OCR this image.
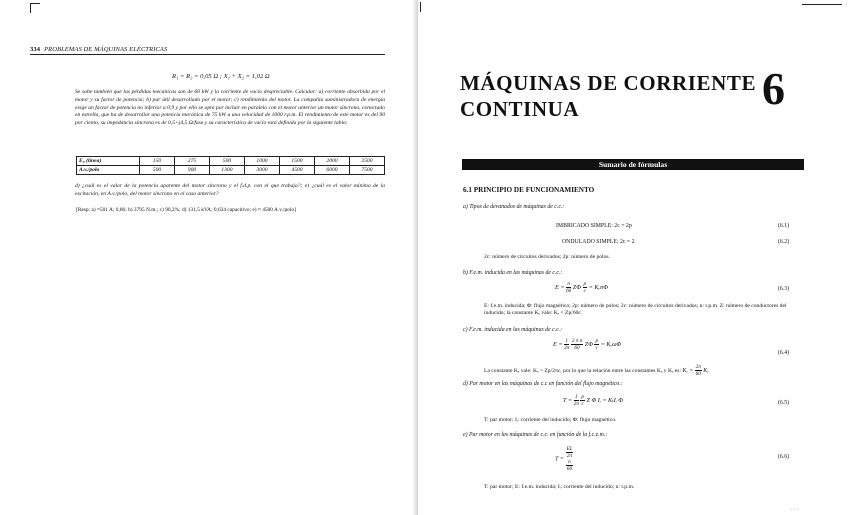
334 PROBLEMAS DE MÁQUINAS ELÉCTRICAS
R₁ = R₂ = 0,05 Ω ; X₁ + X₂ = 1,02 Ω

Se sabe también que las pérdidas mecánicas son de 60 kW y la corriente de vacío despreciable. Calcular: a) corriente absorbida por el motor y su factor de potencia; b) par útil desarrollado por el motor; c) rendimiento del motor. La compañía suministradora de energía exige un factor de potencia no inferior a 0,9 y por ello se opta por incluir en paralelo con el motor anterior un motor síncrono, conectado en estrella, que ha de desarrollar una potencia mecánica de 75 kW a una velocidad de 1000 r.p.m. El rendimiento de este motor es del 90 por ciento, su impedancia síncrona es de 0,5+j4,5 Ω/fase y su característica de vacío está definida por la siguiente tabla:

E₀ (línea)	150	275	500	1000	1500	2000	2500
A.v./polo	500	900	1300	3000	4500	6000	7500

d) ¿cuál es el valor de la potencia aparente del motor síncrono y el f.d.p. con el que trabaja?; e) ¿cuál es el valor mínimo de la excitación, en A.v./polo, del motor síncrono en el caso anterior?

[Resp: a) ≈501 A; 0,86; b) 3795 N.m.; c) 90,2%; d) 131,5 kVA; 0,634 capacitivo; e) ≈ 4500 A.v./polo]
MÁQUINAS DE CORRIENTE
CONTINUA	6
Sumario de fórmulas
6.1 PRINCIPIO DE FUNCIONAMIENTO
a) Tipos de devanados de máquinas de c.c.:
IMBRICADO SIMPLE: 2c = 2p	(6.1)
ONDULADO SIMPLE: 2c = 2	(6.2)

2c: número de circuitos derivados; 2p: número de polos.

b) F.e.m. inducida en las máquinas de c.c.:
$E = \frac{n}{60}$ ZΦ $\frac{p}{c} = K_en\Phi$	(6.3)

E: f.e.m. inducida; Φ: flujo magnético; 2p: número de polos; 2c: número de circuitos derivados; n: r.p.m. Z: número de conductores del inducido; la constante Kₑ vale: Kₑ = Zp/60c.

c) F.e.m. inducida en las máquinas de c.c.:
$E = \frac{1}{2\pi}$
$\frac{\text{2 π n}}{60}$ ZΦ $\frac{p}{c} = K_e\omega\Phi$
(6.4)
La constante Kₑ vale: Kₑ = Zp/2πc, por lo que la relación entre las constantes Kₑ y Kₑ es: $K_e = \frac{2\pi}{60}$ Kₑ
d) Par motor en las máquinas de c.c en función del flujo magnético.:
$T = \frac{1}{2\pi}$
$\frac{p}{c}$ Z Φ Iᵢ = KₜIᵢ Φ	(6.5)

T: par motor; Iᵢ: corriente del inducido; Φ: flujo magnético.

e) Par motor en las máquinas de c.c. en función de la f.c.e.m.:
T = EIᵢ
2π
n
60	(6.6)

T: par motor; E: f.e.m. inducida; Iᵢ: corriente del inducido; n: r.p.m.

· · ·
